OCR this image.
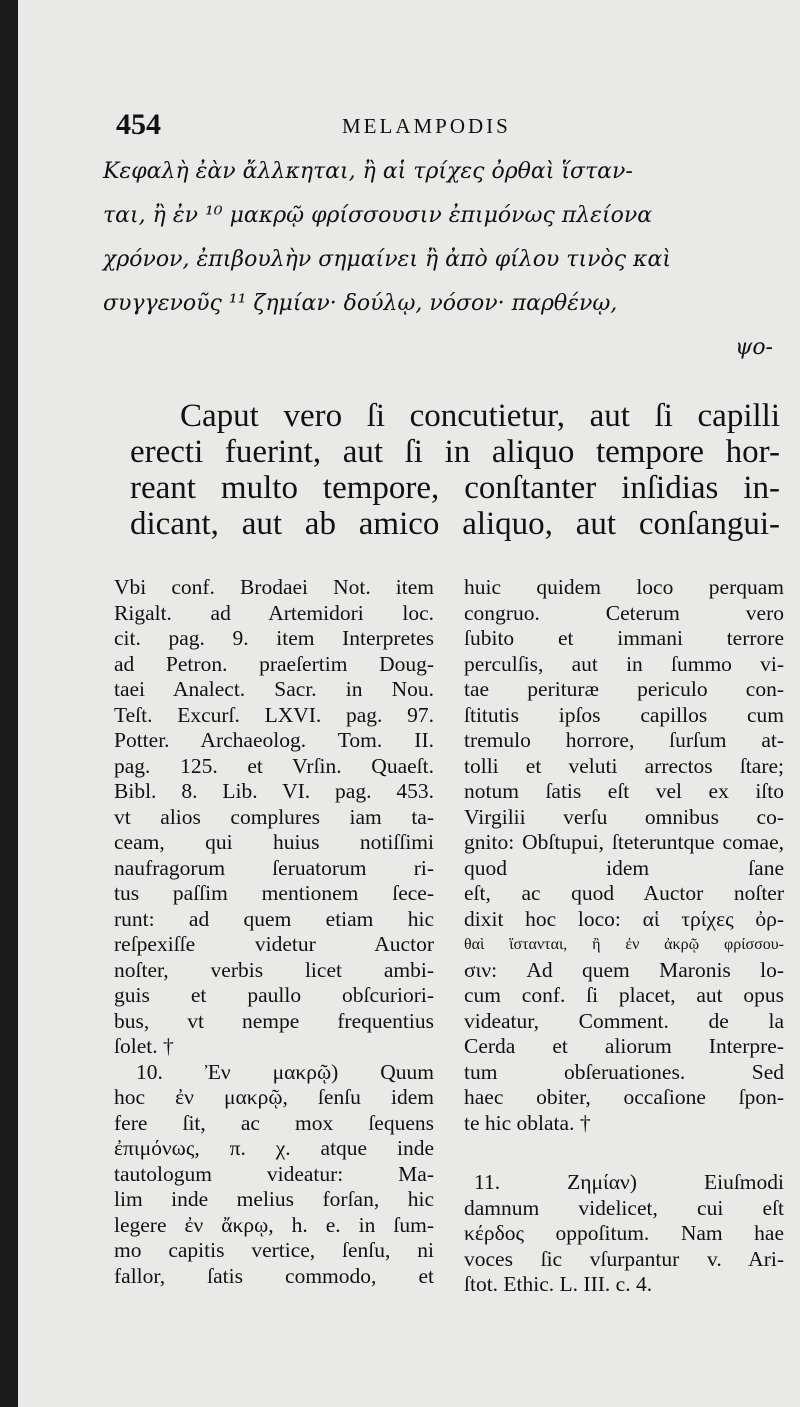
454	MELAMPODIS
Κεφαλὴ ἐὰν ἄλλκηται, ἢ αἱ τρίχες ὀρθαὶ ἵσταν-
ται, ἢ ἐν ¹⁰ μακρῷ φρίσσουσιν ἐπιμόνως πλείονα
χρόνον, ἐπιβουλὴν σημαίνει ἢ ἀπὸ φίλου τινὸς καὶ
συγγενοῦς ¹¹ ζημίαν· δούλῳ, νόσον· παρθένῳ,
ψο-
Caput vero ſi concutietur, aut ſi capilli
erecti fuerint, aut ſi in aliquo tempore hor-
reant multo tempore, conſtanter inſidias in-
dicant, aut ab amico aliquo, aut conſangui-
Vbi conf. Brodaei Not. item
Rigalt. ad Artemidori loc.
cit. pag. 9. item Interpretes
ad Petron. praeſertim Doug-
taei Analect. Sacr. in Nou.
Teſt. Excurſ. LXVI. pag. 97.
Potter. Archaeolog. Tom. II.
pag. 125. et Vrſin. Quaeſt.
Bibl. 8. Lib. VI. pag. 453.
vt alios complures iam ta-
ceam, qui huius notiſſimi
naufragorum ſeruatorum ri-
tus paſſim mentionem ſece-
runt: ad quem etiam hic
reſpexiſſe videtur Auctor
noſter, verbis licet ambi-
guis et paullo obſcuriori-
bus, vt nempe frequentius
ſolet. †
10. Ἐν μακρῷ) Quum
hoc ἐν μακρῷ, ſenſu idem
fere ſit, ac mox ſequens
ἐπιμόνως, π. χ. atque inde
tautologum videatur: Ma-
lim inde melius forſan, hic
legere ἐν ἄκρῳ, h. e. in ſum-
mo capitis vertice, ſenſu, ni
fallor, ſatis commodo, et
huic quidem loco perquam
congruo. Ceterum vero
ſubito et immani terrore
perculſis, aut in ſummo vi-
tae perituræ periculo con-
ſtitutis ipſos capillos cum
tremulo horrore, ſurſum at-
tolli et veluti arrectos ſtare;
notum ſatis eſt vel ex iſto
Virgilii verſu omnibus co-
gnito: Obſtupui, ſteteruntque comae, quod idem ſane
eſt, ac quod Auctor noſter
dixit hoc loco: αἱ τρίχες ὀρ-
θαὶ ἵστανται, ἢ ἐν ἀκρῷ φρίσσου-
σιν: Ad quem Maronis lo-
cum conf. ſi placet, aut opus
videatur, Comment. de la
Cerda et aliorum Interpre-
tum obſeruationes. Sed
haec obiter, occaſione ſpon-
te hic oblata. †
11. Ζημίαν) Eiuſmodi
damnum videlicet, cui eſt
κέρδος oppoſitum. Nam hae
voces ſic vſurpantur v. Ari-
ſtot. Ethic. L. III. c. 4.
